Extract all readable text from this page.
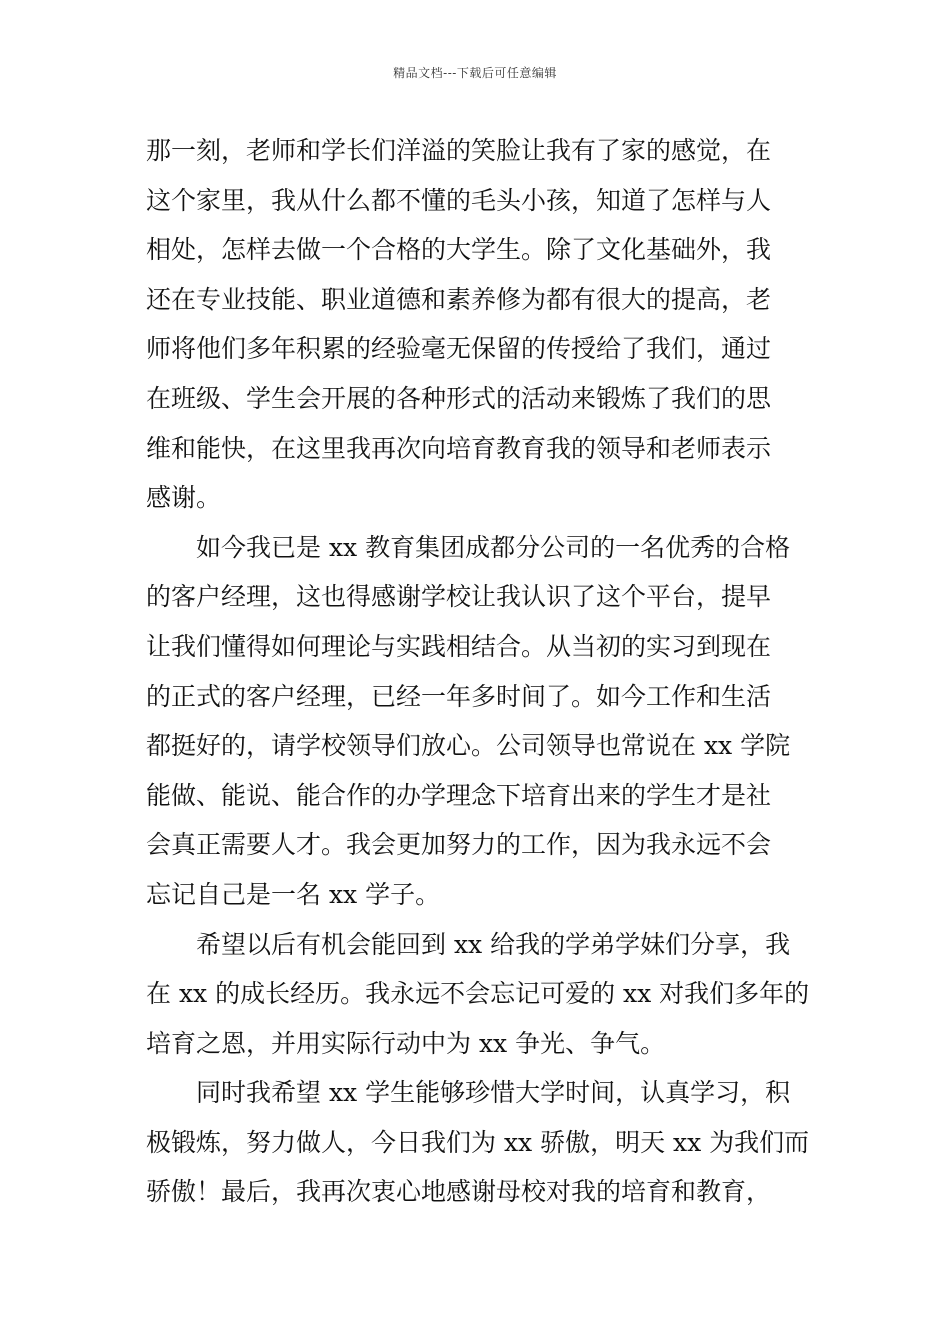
精品文档---下载后可任意编辑
那一刻，老师和学长们洋溢的笑脸让我有了家的感觉，在
这个家里，我从什么都不懂的毛头小孩，知道了怎样与人
相处，怎样去做一个合格的大学生。除了文化基础外，我
还在专业技能、职业道德和素养修为都有很大的提高，老
师将他们多年积累的经验毫无保留的传授给了我们，通过
在班级、学生会开展的各种形式的活动来锻炼了我们的思
维和能快，在这里我再次向培育教育我的领导和老师表示
感谢。
如今我已是 xx 教育集团成都分公司的一名优秀的合格
的客户经理，这也得感谢学校让我认识了这个平台，提早
让我们懂得如何理论与实践相结合。从当初的实习到现在
的正式的客户经理，已经一年多时间了。如今工作和生活
都挺好的，请学校领导们放心。公司领导也常说在 xx 学院
能做、能说、能合作的办学理念下培育出来的学生才是社
会真正需要人才。我会更加努力的工作，因为我永远不会
忘记自己是一名 xx 学子。
希望以后有机会能回到 xx 给我的学弟学妹们分享，我
在 xx 的成长经历。我永远不会忘记可爱的 xx 对我们多年的
培育之恩，并用实际行动中为 xx 争光、争气。
同时我希望 xx 学生能够珍惜大学时间，认真学习，积
极锻炼，努力做人，今日我们为 xx 骄傲，明天 xx 为我们而
骄傲！最后，我再次衷心地感谢母校对我的培育和教育，
